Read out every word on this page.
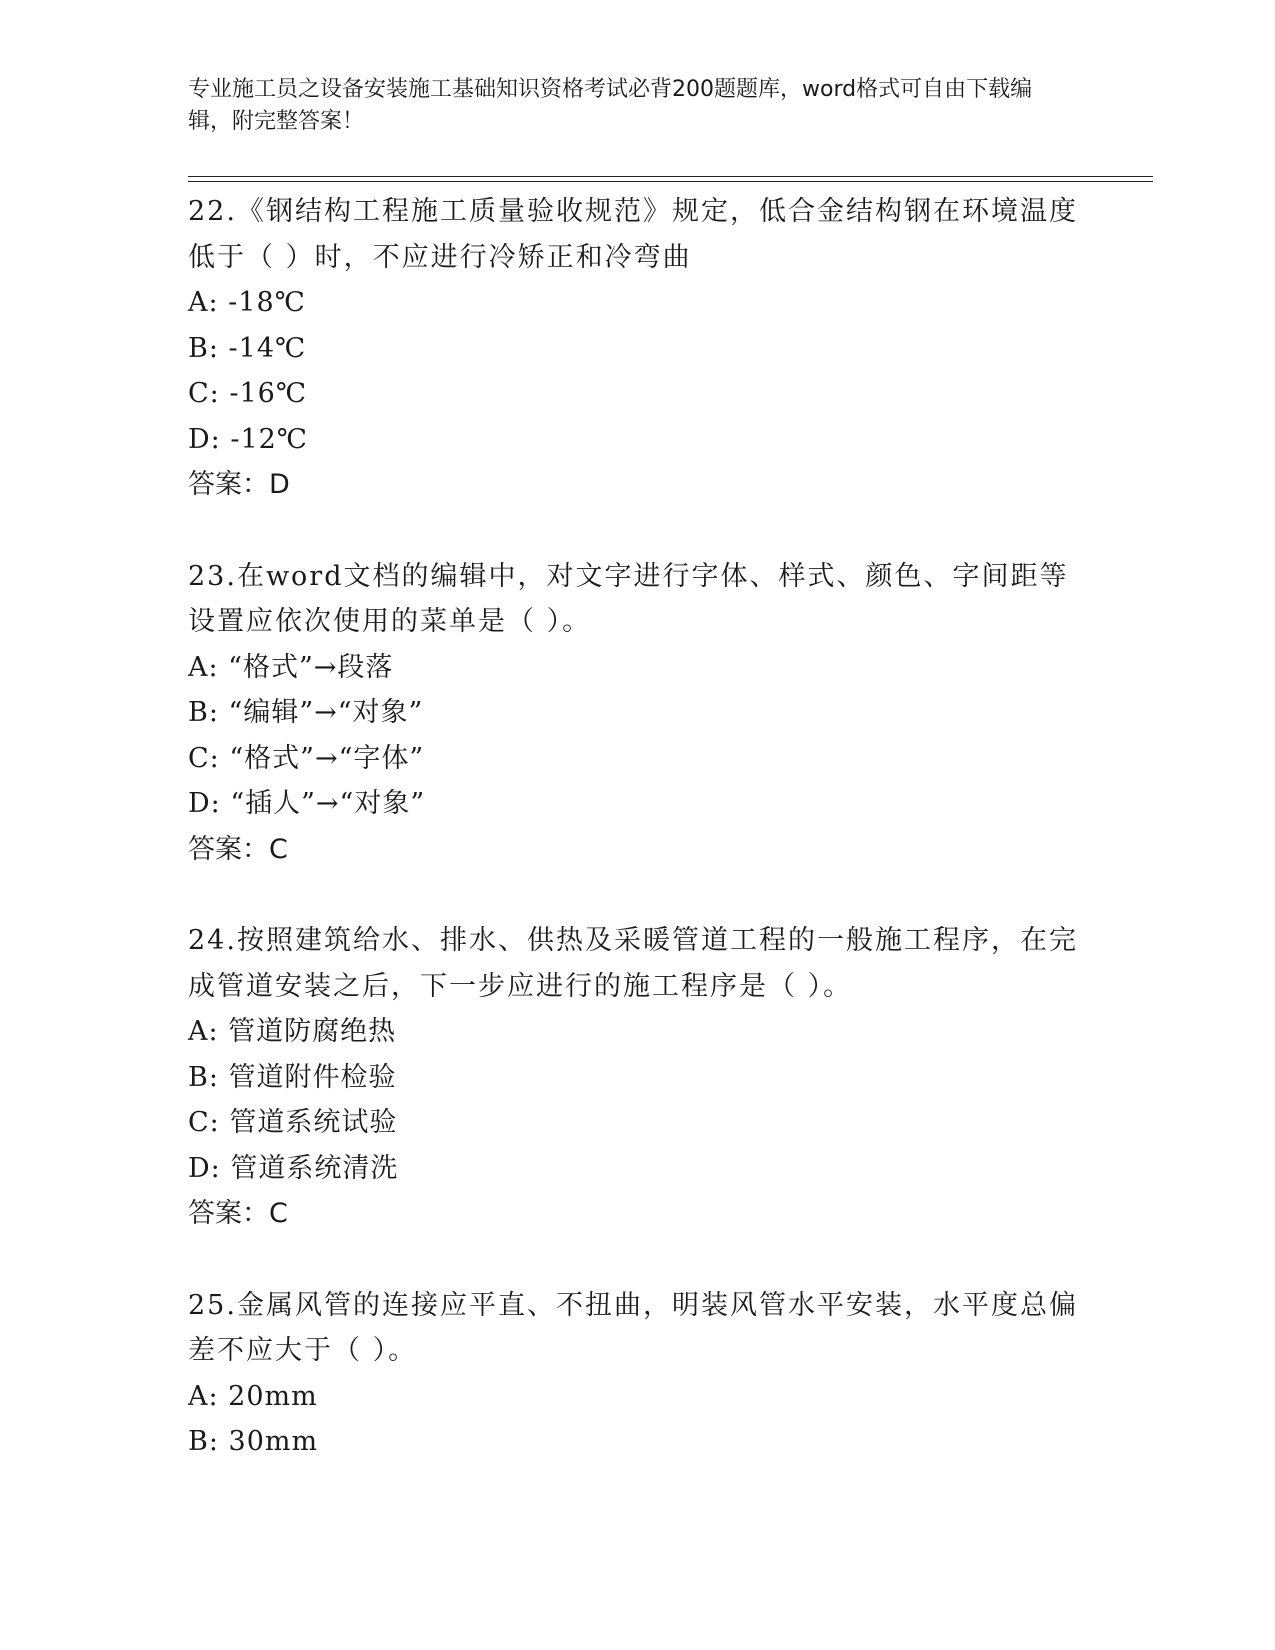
专业施工员之设备安装施工基础知识资格考试必背200题题库，word格式可自由下载编辑，附完整答案！
22.《钢结构工程施工质量验收规范》规定，低合金结构钢在环境温度低于（ ）时，不应进行冷矫正和冷弯曲
A: -18℃
B: -14℃
C: -16℃
D: -12℃
答案：D
23.在word文档的编辑中，对文字进行字体、样式、颜色、字间距等设置应依次使用的菜单是（ ）。
A: “格式”→段落
B: “编辑”→“对象”
C: “格式”→“字体”
D: “插人”→“对象”
答案：C
24.按照建筑给水、排水、供热及采暖管道工程的一般施工程序，在完成管道安装之后，下一步应进行的施工程序是（ ）。
A: 管道防腐绝热
B: 管道附件检验
C: 管道系统试验
D: 管道系统清洗
答案：C
25.金属风管的连接应平直、不扭曲，明装风管水平安装，水平度总偏差不应大于（ ）。
A: 20mm
B: 30mm
